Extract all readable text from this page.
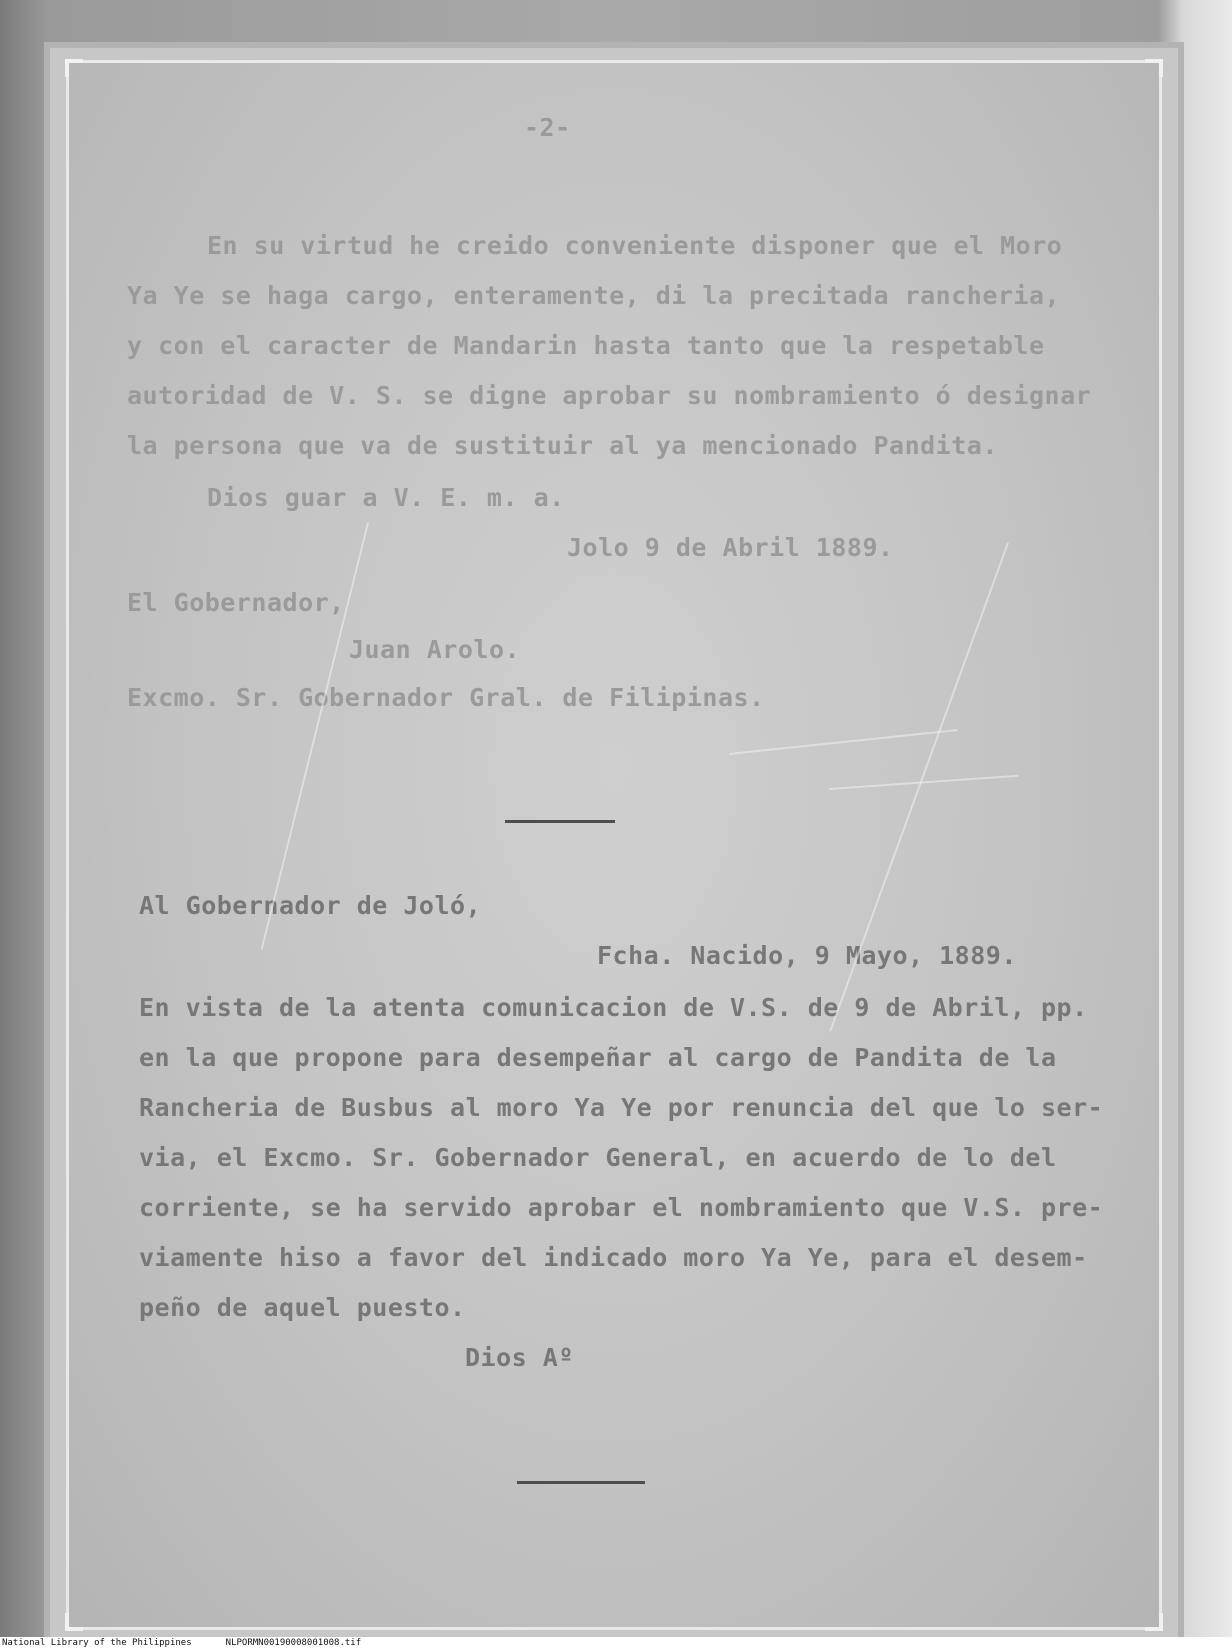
-2-
En su virtud he creido conveniente disponer que el Moro
Ya Ye se haga cargo, enteramente, di la precitada rancheria,
y con el caracter de Mandarin hasta tanto que la respetable
autoridad de V. S. se digne aprobar su nombramiento ó designar
la persona que va de sustituir al ya mencionado Pandita.
Dios guar a V. E. m. a.
Jolo 9 de Abril 1889.
El Gobernador,
Juan Arolo.
Excmo. Sr. Gobernador Gral. de Filipinas.
Al Gobernador de Joló,
Fcha. Nacido, 9 Mayo, 1889.
En vista de la atenta comunicacion de V.S. de 9 de Abril, pp.
en la que propone para desempeñar al cargo de Pandita de la
Rancheria de Busbus al moro Ya Ye por renuncia del que lo ser-
via, el Excmo. Sr. Gobernador General, en acuerdo de lo del
corriente, se ha servido aprobar el nombramiento que V.S. pre-
viamente hiso a favor del indicado moro Ya Ye, para el desem-
peño de aquel puesto.
Dios Aº
National Library of the Philippines	NLPORMN00190008001008.tif
